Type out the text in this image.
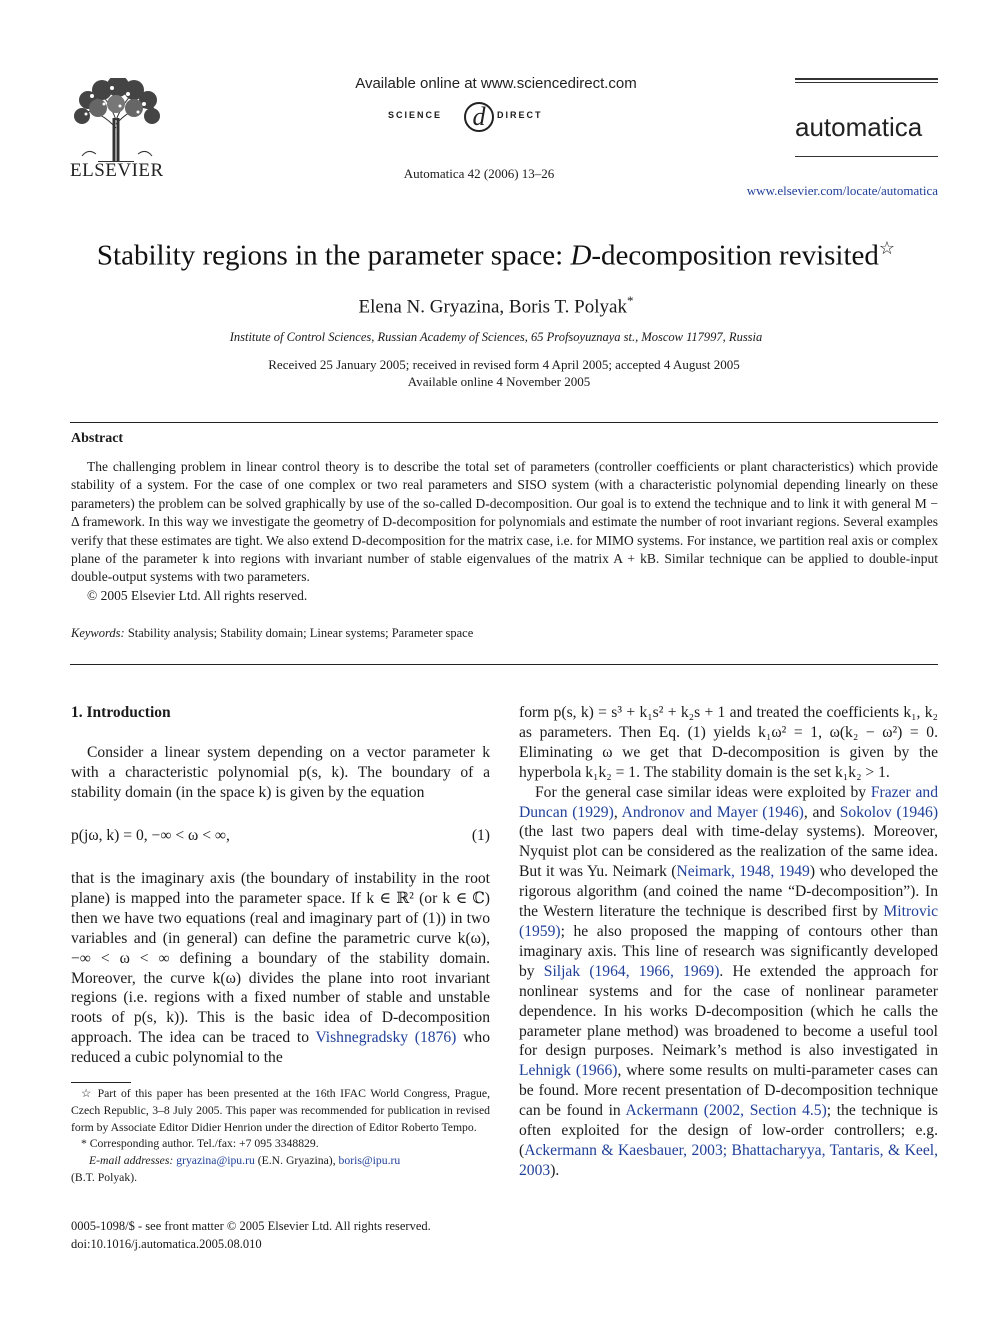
ELSEVIER
Available online at www.sciencedirect.com
SCIENCE d DIRECT
Automatica 42 (2006) 13–26
automatica
www.elsevier.com/locate/automatica
Stability regions in the parameter space: D-decomposition revisited☆
Elena N. Gryazina, Boris T. Polyak*
Institute of Control Sciences, Russian Academy of Sciences, 65 Profsoyuznaya st., Moscow 117997, Russia
Received 25 January 2005; received in revised form 4 April 2005; accepted 4 August 2005
Available online 4 November 2005
Abstract

The challenging problem in linear control theory is to describe the total set of parameters (controller coefficients or plant characteristics) which provide stability of a system. For the case of one complex or two real parameters and SISO system (with a characteristic polynomial depending linearly on these parameters) the problem can be solved graphically by use of the so-called D-decomposition. Our goal is to extend the technique and to link it with general M − Δ framework. In this way we investigate the geometry of D-decomposition for polynomials and estimate the number of root invariant regions. Several examples verify that these estimates are tight. We also extend D-decomposition for the matrix case, i.e. for MIMO systems. For instance, we partition real axis or complex plane of the parameter k into regions with invariant number of stable eigenvalues of the matrix A + kB. Similar technique can be applied to double-input double-output systems with two parameters.

© 2005 Elsevier Ltd. All rights reserved.

Keywords: Stability analysis; Stability domain; Linear systems; Parameter space
1. Introduction

Consider a linear system depending on a vector parameter k with a characteristic polynomial p(s, k). The boundary of a stability domain (in the space k) is given by the equation

p(jω, k) = 0, −∞ < ω < ∞,	(1)

that is the imaginary axis (the boundary of instability in the root plane) is mapped into the parameter space. If k ∈ ℝ² (or k ∈ ℂ) then we have two equations (real and imaginary part of (1)) in two variables and (in general) can define the parametric curve k(ω), −∞ < ω < ∞ defining a boundary of the stability domain. Moreover, the curve k(ω) divides the plane into root invariant regions (i.e. regions with a fixed number of stable and unstable roots of p(s, k)). This is the basic idea of D-decomposition approach. The idea can be traced to Vishnegradsky (1876) who reduced a cubic polynomial to the

☆ Part of this paper has been presented at the 16th IFAC World Congress, Prague, Czech Republic, 3–8 July 2005. This paper was recommended for publication in revised form by Associate Editor Didier Henrion under the direction of Editor Roberto Tempo.

* Corresponding author. Tel./fax: +7 095 3348829.

E-mail addresses: gryazina@ipu.ru (E.N. Gryazina), boris@ipu.ru

(B.T. Polyak).

0005-1098/$ - see front matter © 2005 Elsevier Ltd. All rights reserved.
doi:10.1016/j.automatica.2005.08.010

form p(s, k) = s³ + k₁s² + k₂s + 1 and treated the coefficients k₁, k₂ as parameters. Then Eq. (1) yields k₁ω² = 1, ω(k₂ − ω²) = 0. Eliminating ω we get that D-decomposition is given by the hyperbola k₁k₂ = 1. The stability domain is the set k₁k₂ > 1.

For the general case similar ideas were exploited by Frazer and Duncan (1929), Andronov and Mayer (1946), and Sokolov (1946) (the last two papers deal with time-delay systems). Moreover, Nyquist plot can be considered as the realization of the same idea. But it was Yu. Neimark (Neimark, 1948, 1949) who developed the rigorous algorithm (and coined the name “D-decomposition”). In the Western literature the technique is described first by Mitrovic (1959); he also proposed the mapping of contours other than imaginary axis. This line of research was significantly developed by Siljak (1964, 1966, 1969). He extended the approach for nonlinear systems and for the case of nonlinear parameter dependence. In his works D-decomposition (which he calls the parameter plane method) was broadened to become a useful tool for design purposes. Neimark’s method is also investigated in Lehnigk (1966), where some results on multi-parameter cases can be found. More recent presentation of D-decomposition technique can be found in Ackermann (2002, Section 4.5); the technique is often exploited for the design of low-order controllers; e.g. (Ackermann & Kaesbauer, 2003; Bhattacharyya, Tantaris, & Keel, 2003).
